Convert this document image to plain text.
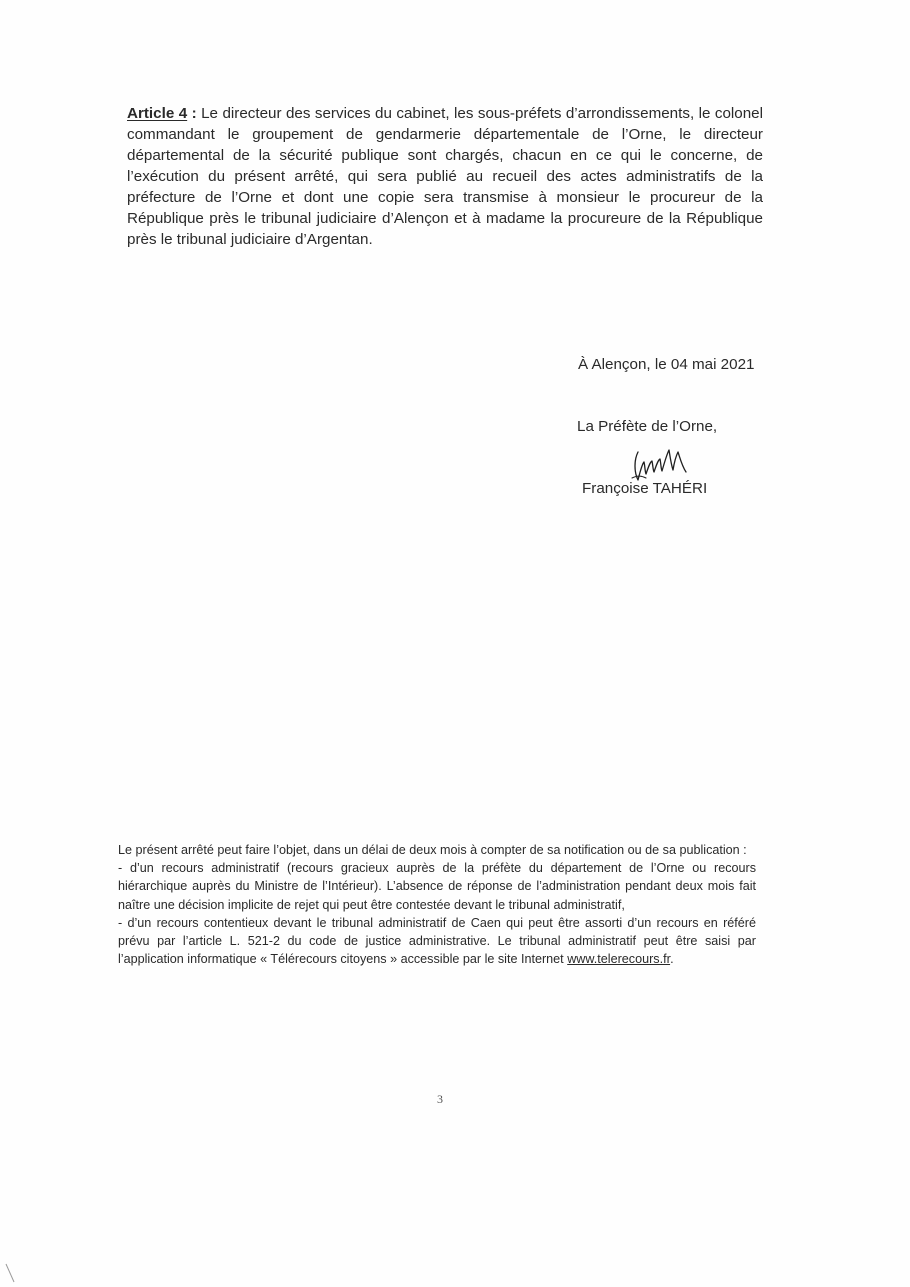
Article 4 : Le directeur des services du cabinet, les sous-préfets d’arrondissements, le colonel commandant le groupement de gendarmerie départementale de l’Orne, le directeur départemental de la sécurité publique sont chargés, chacun en ce qui le concerne, de l’exécution du présent arrêté, qui sera publié au recueil des actes administratifs de la préfecture de l’Orne et dont une copie sera transmise à monsieur le procureur de la République près le tribunal judiciaire d’Alençon et à madame la procureure de la République près le tribunal judiciaire d’Argentan.
À Alençon, le 04 mai 2021
La Préfète de l’Orne,
Françoise TAHÉRI

Le présent arrêté peut faire l’objet, dans un délai de deux mois à compter de sa notification ou de sa publication :

- d’un recours administratif (recours gracieux auprès de la préfète du département de l’Orne ou recours hiérarchique auprès du Ministre de l’Intérieur). L’absence de réponse de l’administration pendant deux mois fait naître une décision implicite de rejet qui peut être contestée devant le tribunal administratif,

- d’un recours contentieux devant le tribunal administratif de Caen qui peut être assorti d’un recours en référé prévu par l’article L. 521-2 du code de justice administrative. Le tribunal administratif peut être saisi par l’application informatique « Télérecours citoyens » accessible par le site Internet www.telerecours.fr.

3
